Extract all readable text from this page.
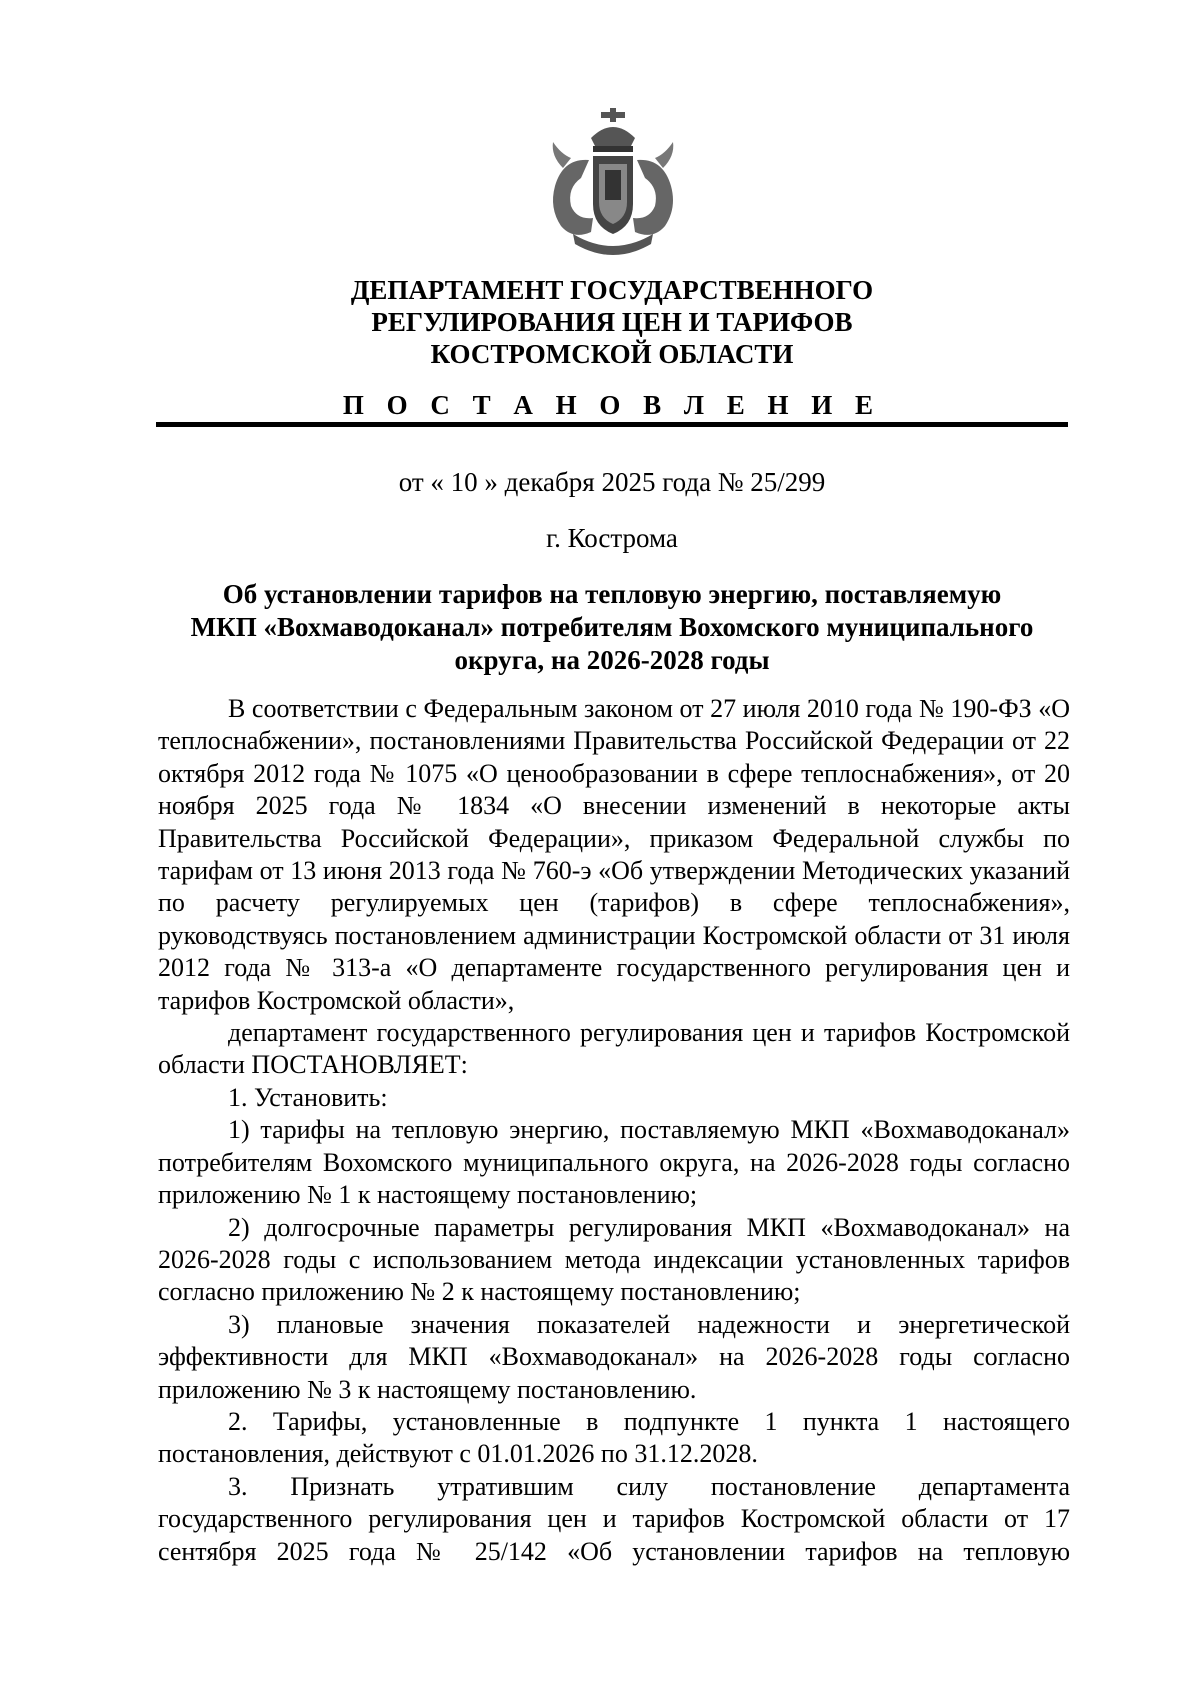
ДЕПАРТАМЕНТ ГОСУДАРСТВЕННОГО
РЕГУЛИРОВАНИЯ ЦЕН И ТАРИФОВ
КОСТРОМСКОЙ ОБЛАСТИ
П О С Т А Н О В Л Е Н И Е
от « 10 » декабря 2025 года № 25/299
г. Кострома
Об установлении тарифов на тепловую энергию, поставляемую
МКП «Вохмаводоканал» потребителям Вохомского муниципального
округа, на 2026-2028 годы

В соответствии с Федеральным законом от 27 июля 2010 года № 190-ФЗ «О теплоснабжении», постановлениями Правительства Российской Федерации от 22 октября 2012 года № 1075 «О ценообразовании в сфере теплоснабжения», от 20 ноября 2025 года № 1834 «О внесении изменений в некоторые акты Правительства Российской Федерации», приказом Федеральной службы по тарифам от 13 июня 2013 года № 760-э «Об утверждении Методических указаний по расчету регулируемых цен (тарифов) в сфере теплоснабжения», руководствуясь постановлением администрации Костромской области от 31 июля 2012 года № 313-а «О департаменте государственного регулирования цен и тарифов Костромской области»,

департамент государственного регулирования цен и тарифов Костромской области ПОСТАНОВЛЯЕТ:

1. Установить:

1) тарифы на тепловую энергию, поставляемую МКП «Вохмаводоканал» потребителям Вохомского муниципального округа, на 2026-2028 годы согласно приложению № 1 к настоящему постановлению;

2) долгосрочные параметры регулирования МКП «Вохмаводоканал» на 2026-2028 годы с использованием метода индексации установленных тарифов согласно приложению № 2 к настоящему постановлению;

3) плановые значения показателей надежности и энергетической эффективности для МКП «Вохмаводоканал» на 2026-2028 годы согласно приложению № 3 к настоящему постановлению.

2. Тарифы, установленные в подпункте 1 пункта 1 настоящего постановления, действуют с 01.01.2026 по 31.12.2028.

3. Признать утратившим силу постановление департамента государственного регулирования цен и тарифов Костромской области от 17 сентября 2025 года № 25/142 «Об установлении тарифов на тепловую
